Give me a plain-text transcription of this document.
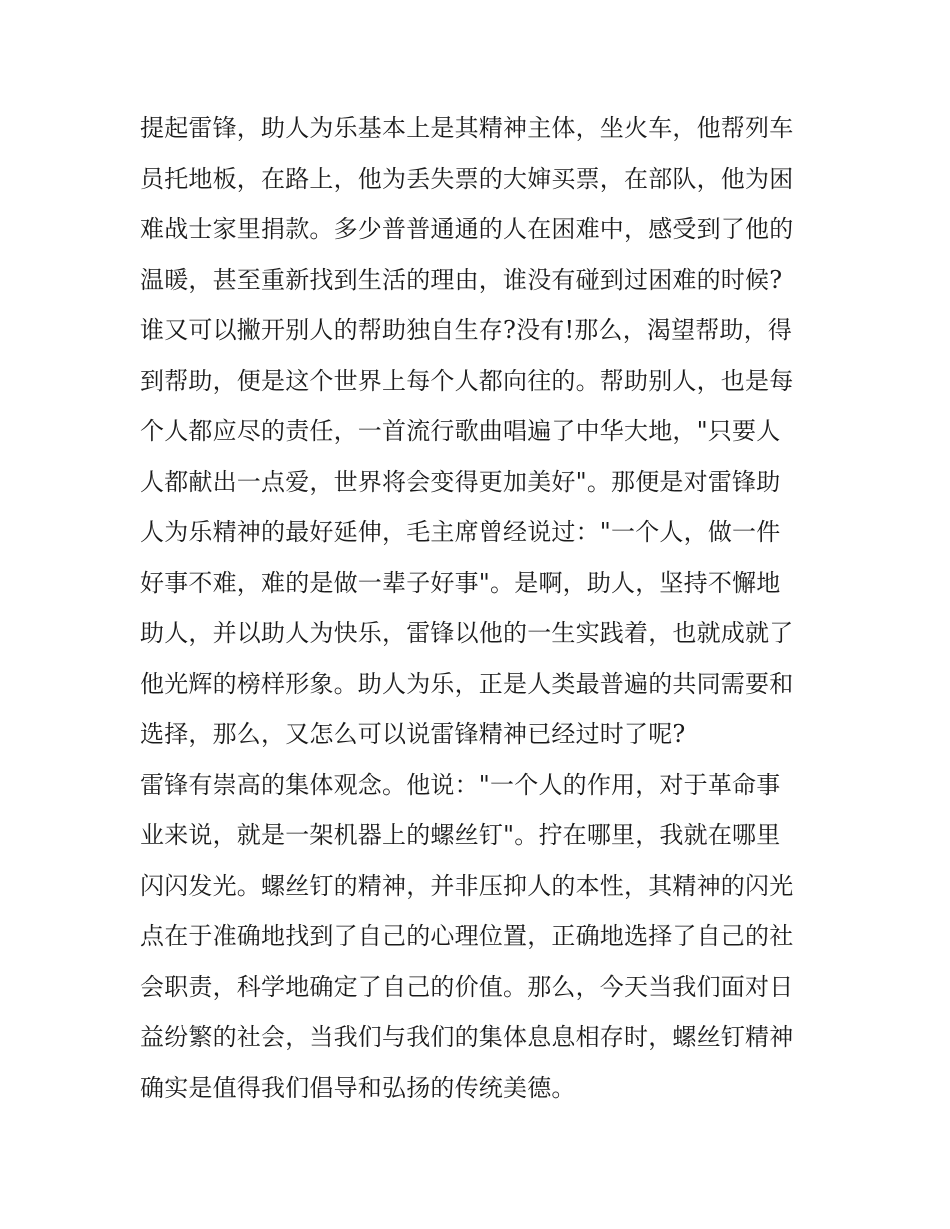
提起雷锋，助人为乐基本上是其精神主体，坐火车，他帮列车
员托地板，在路上，他为丢失票的大婶买票，在部队，他为困
难战士家里捐款。多少普普通通的人在困难中，感受到了他的
温暖，甚至重新找到生活的理由，谁没有碰到过困难的时候?
谁又可以撇开别人的帮助独自生存?没有!那么，渴望帮助，得
到帮助，便是这个世界上每个人都向往的。帮助别人，也是每
个人都应尽的责任，一首流行歌曲唱遍了中华大地，"只要人
人都献出一点爱，世界将会变得更加美好"。那便是对雷锋助
人为乐精神的最好延伸，毛主席曾经说过："一个人，做一件
好事不难，难的是做一辈子好事"。是啊，助人，坚持不懈地
助人，并以助人为快乐，雷锋以他的一生实践着，也就成就了
他光辉的榜样形象。助人为乐，正是人类最普遍的共同需要和
选择，那么，又怎么可以说雷锋精神已经过时了呢?
雷锋有崇高的集体观念。他说："一个人的作用，对于革命事
业来说，就是一架机器上的螺丝钉"。拧在哪里，我就在哪里
闪闪发光。螺丝钉的精神，并非压抑人的本性，其精神的闪光
点在于准确地找到了自己的心理位置，正确地选择了自己的社
会职责，科学地确定了自己的价值。那么，今天当我们面对日
益纷繁的社会，当我们与我们的集体息息相存时，螺丝钉精神
确实是值得我们倡导和弘扬的传统美德。
